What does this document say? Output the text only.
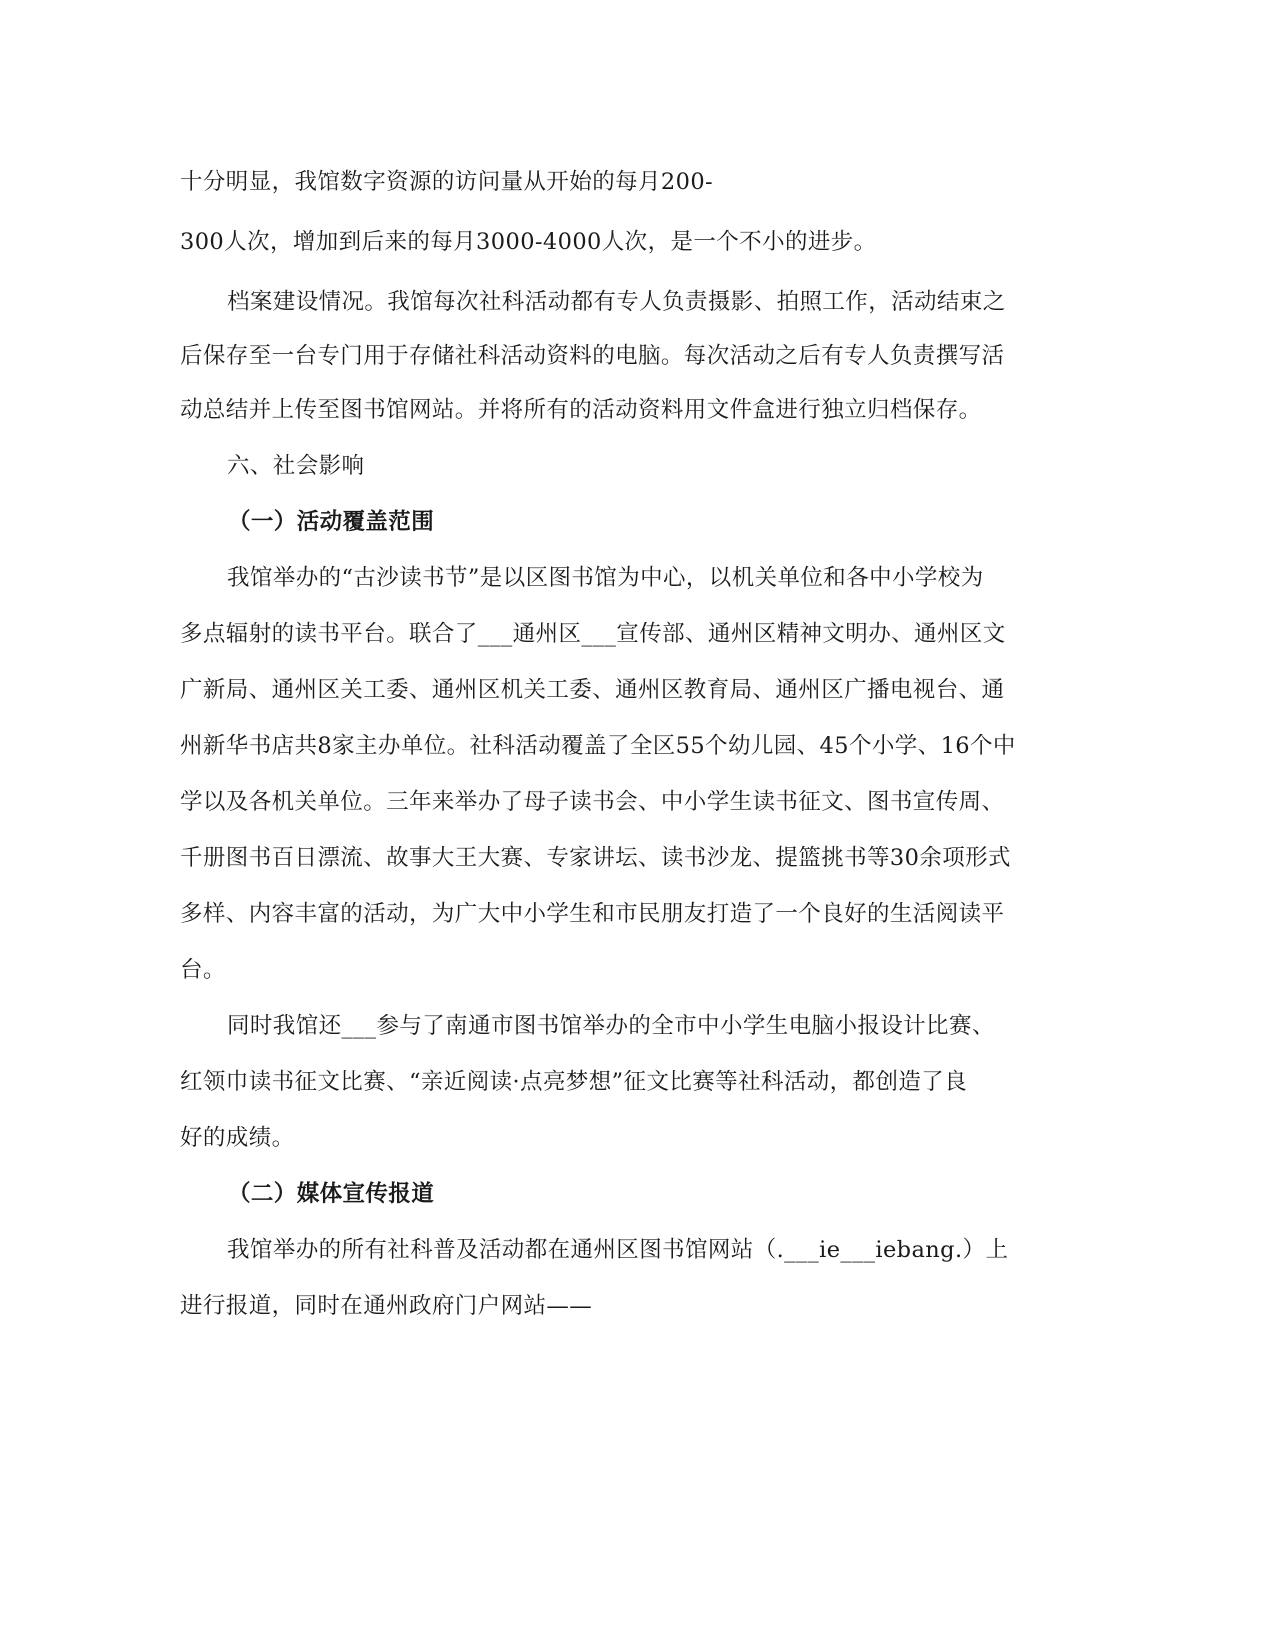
十分明显，我馆数字资源的访问量从开始的每月200-
300人次，增加到后来的每月3000-4000人次，是一个不小的进步。
档案建设情况。我馆每次社科活动都有专人负责摄影、拍照工作，活动结束之
后保存至一台专门用于存储社科活动资料的电脑。每次活动之后有专人负责撰写活
动总结并上传至图书馆网站。并将所有的活动资料用文件盒进行独立归档保存。
六、社会影响
（一）活动覆盖范围
我馆举办的“古沙读书节”是以区图书馆为中心，以机关单位和各中小学校为
多点辐射的读书平台。联合了___通州区___宣传部、通州区精神文明办、通州区文
广新局、通州区关工委、通州区机关工委、通州区教育局、通州区广播电视台、通
州新华书店共8家主办单位。社科活动覆盖了全区55个幼儿园、45个小学、16个中
学以及各机关单位。三年来举办了母子读书会、中小学生读书征文、图书宣传周、
千册图书百日漂流、故事大王大赛、专家讲坛、读书沙龙、提篮挑书等30余项形式
多样、内容丰富的活动，为广大中小学生和市民朋友打造了一个良好的生活阅读平
台。
同时我馆还___参与了南通市图书馆举办的全市中小学生电脑小报设计比赛、
红领巾读书征文比赛、“亲近阅读·点亮梦想”征文比赛等社科活动，都创造了良
好的成绩。
（二）媒体宣传报道
我馆举办的所有社科普及活动都在通州区图书馆网站（.___ie___iebang.）上
进行报道，同时在通州政府门户网站——
